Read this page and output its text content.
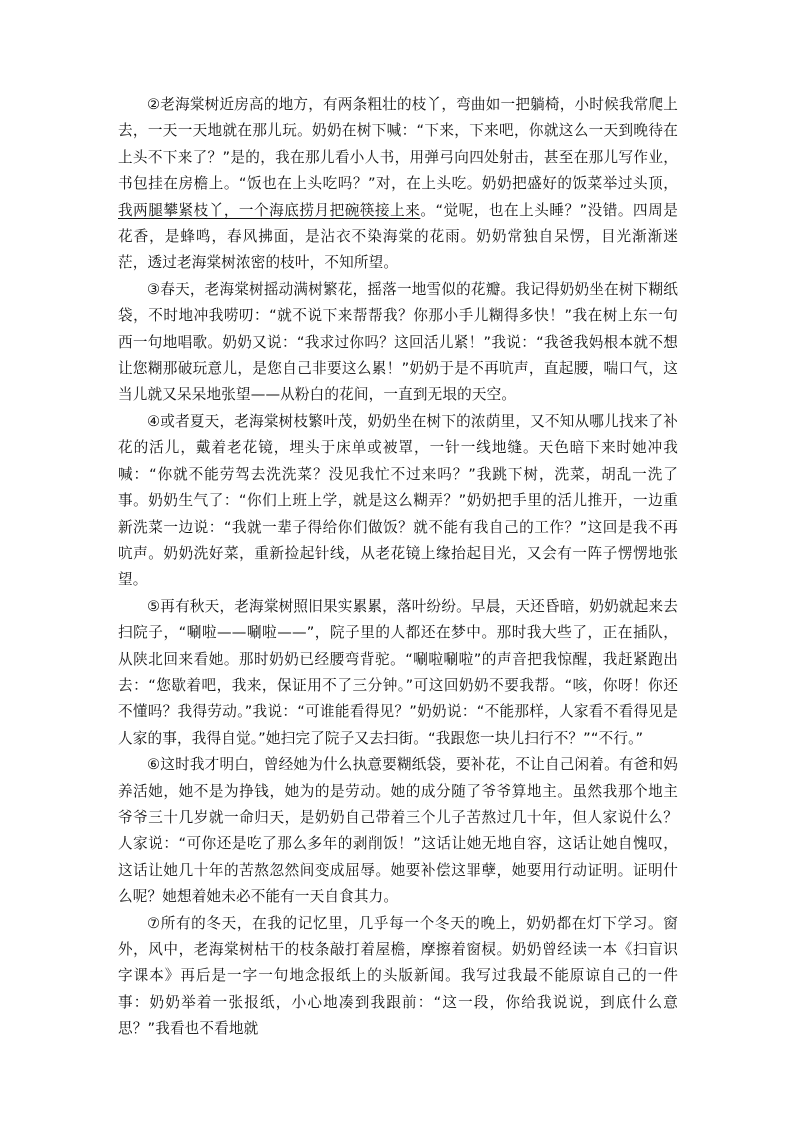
②老海棠树近房高的地方，有两条粗壮的枝丫，弯曲如一把躺椅，小时候我常爬上去，一天一天地就在那儿玩。奶奶在树下喊：“下来，下来吧，你就这么一天到晚待在上头不下来了？”是的，我在那儿看小人书，用弹弓向四处射击，甚至在那儿写作业，书包挂在房檐上。“饭也在上头吃吗？”对，在上头吃。奶奶把盛好的饭菜举过头顶，我两腿攀紧枝丫，一个海底捞月把碗筷接上来。“觉呢，也在上头睡？”没错。四周是花香，是蜂鸣，春风拂面，是沾衣不染海棠的花雨。奶奶常独自呆愣，目光渐渐迷茫，透过老海棠树浓密的枝叶，不知所望。

③春天，老海棠树摇动满树繁花，摇落一地雪似的花瓣。我记得奶奶坐在树下糊纸袋，不时地冲我唠叨：“就不说下来帮帮我？你那小手儿糊得多快！”我在树上东一句西一句地唱歌。奶奶又说：“我求过你吗？这回活儿紧！”我说：“我爸我妈根本就不想让您糊那破玩意儿，是您自己非要这么累！”奶奶于是不再吭声，直起腰，喘口气，这当儿就又呆呆地张望——从粉白的花间，一直到无垠的天空。

④或者夏天，老海棠树枝繁叶茂，奶奶坐在树下的浓荫里，又不知从哪儿找来了补花的活儿，戴着老花镜，埋头于床单或被罩，一针一线地缝。天色暗下来时她冲我喊：“你就不能劳驾去洗洗菜？没见我忙不过来吗？”我跳下树，洗菜，胡乱一洗了事。奶奶生气了：“你们上班上学，就是这么糊弄？”奶奶把手里的活儿推开，一边重新洗菜一边说：“我就一辈子得给你们做饭？就不能有我自己的工作？”这回是我不再吭声。奶奶洗好菜，重新捡起针线，从老花镜上缘抬起目光，又会有一阵子愣愣地张望。

⑤再有秋天，老海棠树照旧果实累累，落叶纷纷。早晨，天还昏暗，奶奶就起来去扫院子，“唰啦——唰啦——”，院子里的人都还在梦中。那时我大些了，正在插队，从陕北回来看她。那时奶奶已经腰弯背驼。“唰啦唰啦”的声音把我惊醒，我赶紧跑出去：“您歇着吧，我来，保证用不了三分钟。”可这回奶奶不要我帮。“咳，你呀！你还不懂吗？我得劳动。”我说：“可谁能看得见？”奶奶说：“不能那样，人家看不看得见是人家的事，我得自觉。”她扫完了院子又去扫街。“我跟您一块儿扫行不？”“不行。”

⑥这时我才明白，曾经她为什么执意要糊纸袋，要补花，不让自己闲着。有爸和妈养活她，她不是为挣钱，她为的是劳动。她的成分随了爷爷算地主。虽然我那个地主爷爷三十几岁就一命归天，是奶奶自己带着三个儿子苦熬过几十年，但人家说什么？人家说：“可你还是吃了那么多年的剥削饭！”这话让她无地自容，这话让她自愧叹，这话让她几十年的苦熬忽然间变成屈辱。她要补偿这罪孽，她要用行动证明。证明什么呢？她想着她未必不能有一天自食其力。

⑦所有的冬天，在我的记忆里，几乎每一个冬天的晚上，奶奶都在灯下学习。窗外，风中，老海棠树枯干的枝条敲打着屋檐，摩擦着窗棂。奶奶曾经读一本《扫盲识字课本》再后是一字一句地念报纸上的头版新闻。我写过我最不能原谅自己的一件事：奶奶举着一张报纸，小心地凑到我跟前：“这一段，你给我说说，到底什么意思？”我看也不看地就
